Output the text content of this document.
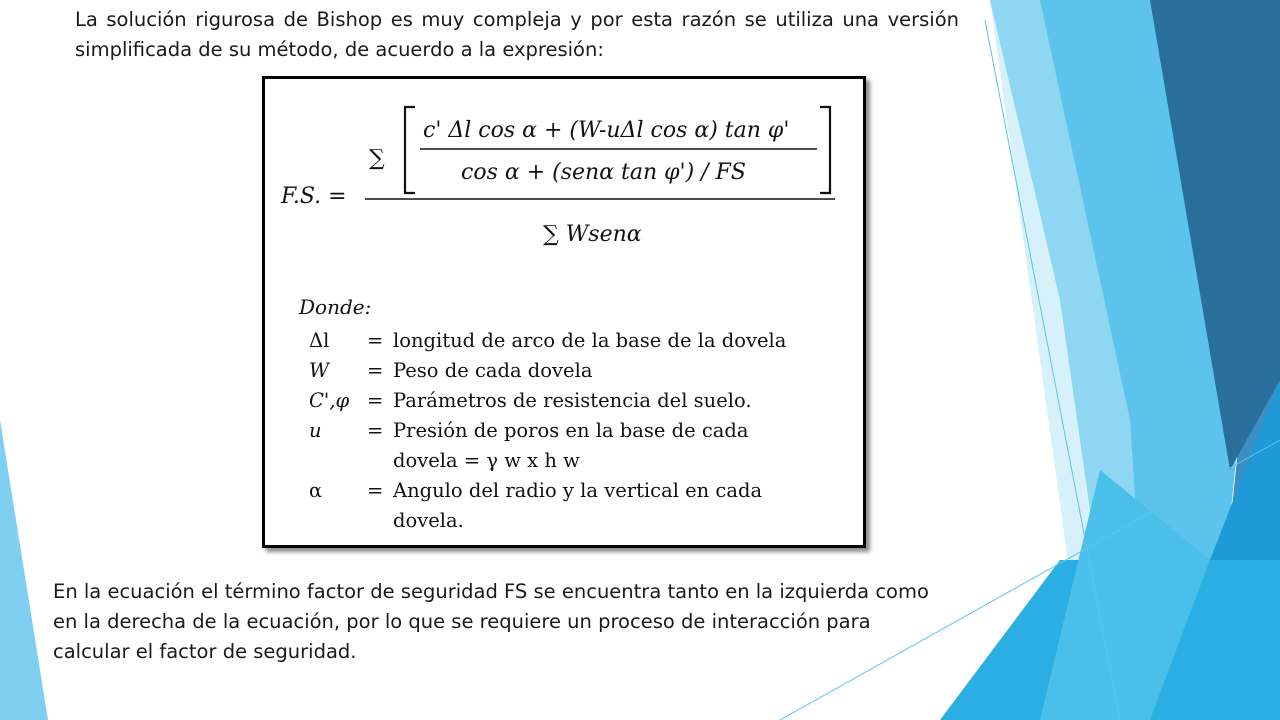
La solución rigurosa de Bishop es muy compleja y por esta razón se utiliza una versión simplificada de su método, de acuerdo a la expresión:

F.S. =
∑
c' Δl cos α + (W-uΔl cos α) tan φ'
cos α + (senα tan φ') / FS
∑ Wsenα
Donde:
Δl	= longitud de arco de la base de la dovela
W	= Peso de cada dovela
C',φ = Parámetros de resistencia del suelo.
u	= Presión de poros en la base de cada
dovela = γ w x h w
α	= Angulo del radio y la vertical en cada
dovela.

En la ecuación el término factor de seguridad FS se encuentra tanto en la izquierda como en la derecha de la ecuación, por lo que se requiere un proceso de interacción para calcular el factor de seguridad.
